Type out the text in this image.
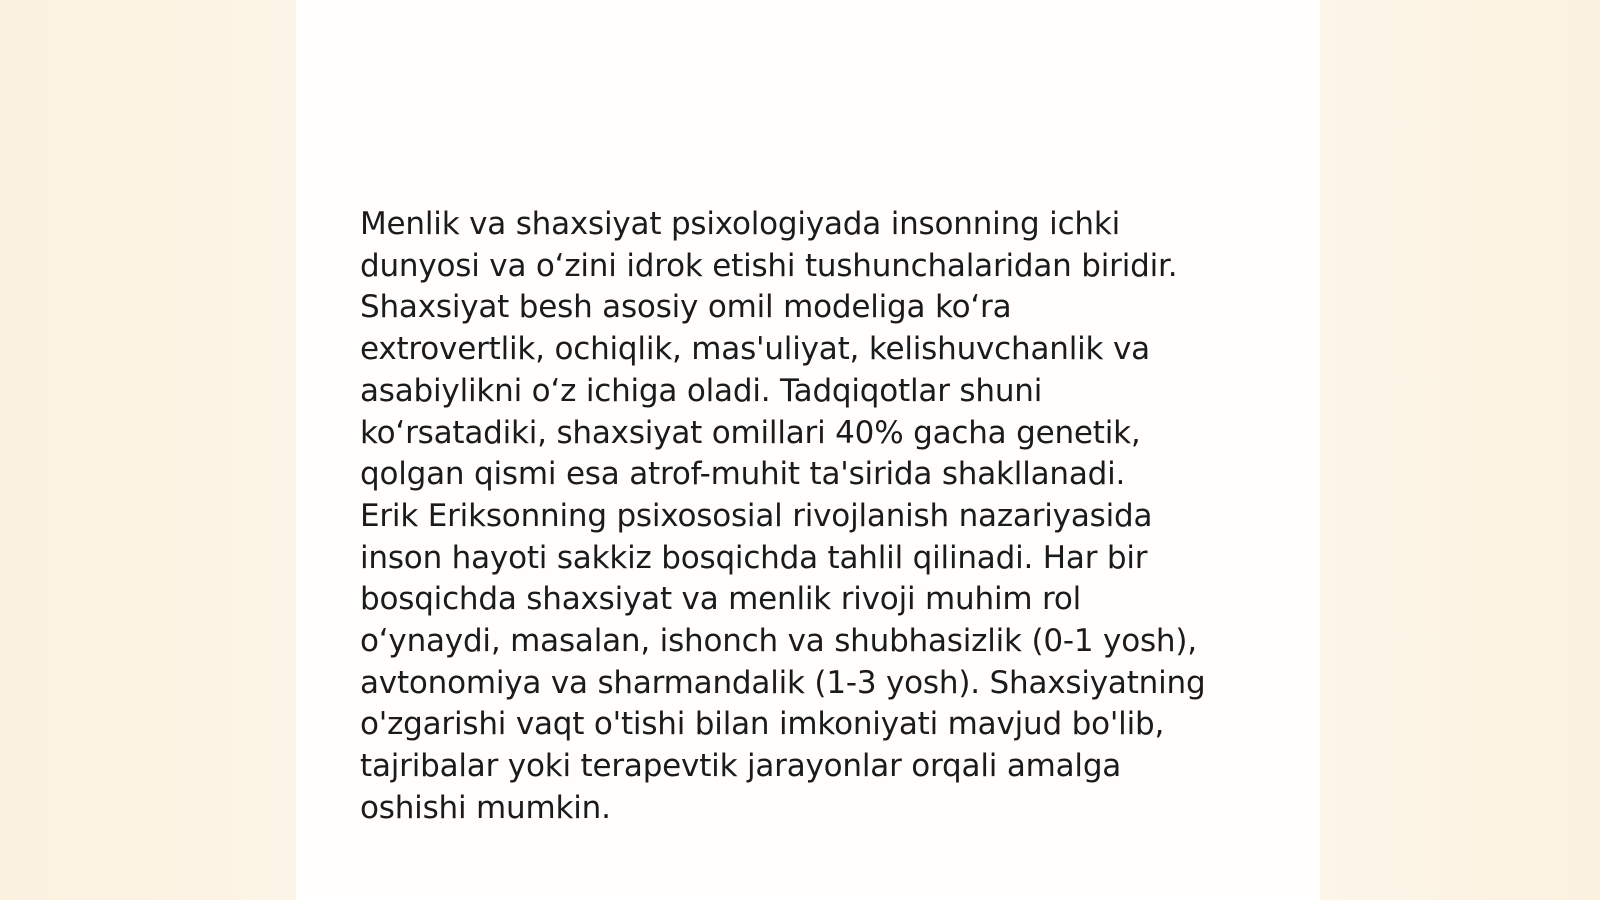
Menlik va shaxsiyat psixologiyada insonning ichki
dunyosi va oʻzini idrok etishi tushunchalaridan biridir.
Shaxsiyat besh asosiy omil modeliga koʻra
extrovertlik, ochiqlik, mas'uliyat, kelishuvchanlik va
asabiylikni oʻz ichiga oladi. Tadqiqotlar shuni
koʻrsatadiki, shaxsiyat omillari 40% gacha genetik,
qolgan qismi esa atrof-muhit ta'sirida shakllanadi.
Erik Eriksonning psixososial rivojlanish nazariyasida
inson hayoti sakkiz bosqichda tahlil qilinadi. Har bir
bosqichda shaxsiyat va menlik rivoji muhim rol
oʻynaydi, masalan, ishonch va shubhasizlik (0-1 yosh),
avtonomiya va sharmandalik (1-3 yosh). Shaxsiyatning
o'zgarishi vaqt o'tishi bilan imkoniyati mavjud bo'lib,
tajribalar yoki terapevtik jarayonlar orqali amalga
oshishi mumkin.
